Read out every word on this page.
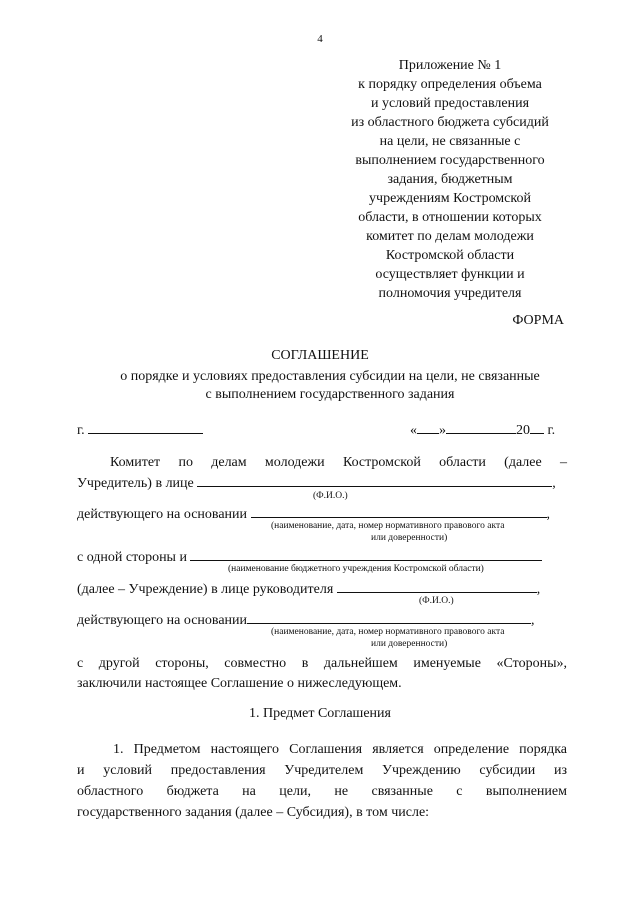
4
Приложение № 1
к порядку определения объема
и условий предоставления
из областного бюджета субсидий
на цели, не связанные с
выполнением государственного
задания, бюджетным
учреждениям Костромской
области, в отношении которых
комитет по делам молодежи
Костромской области
осуществляет функции и
полномочия учредителя
ФОРМА
СОГЛАШЕНИЕ
о порядке и условиях предоставления субсидии на цели, не связанные
с выполнением государственного задания
г.	« »	20 г.
Комитет по делам молодежи Костромской области (далее –
Учредитель) в лице	,
(Ф.И.О.)
действующего на основании	,
(наименование, дата, номер нормативного правового акта
или доверенности)
с одной стороны и
(наименование бюджетного учреждения Костромской области)
(далее – Учреждение) в лице руководителя	,
(Ф.И.О.)
действующего на основании	,
(наименование, дата, номер нормативного правового акта
или доверенности)
с другой стороны, совместно в дальнейшем именуемые «Стороны»,
заключили настоящее Соглашение о нижеследующем.
1. Предмет Соглашения
1. Предметом настоящего Соглашения является определение порядка
и условий предоставления Учредителем Учреждению субсидии из
областного бюджета на цели, не связанные с выполнением
государственного задания (далее – Субсидия), в том числе:
